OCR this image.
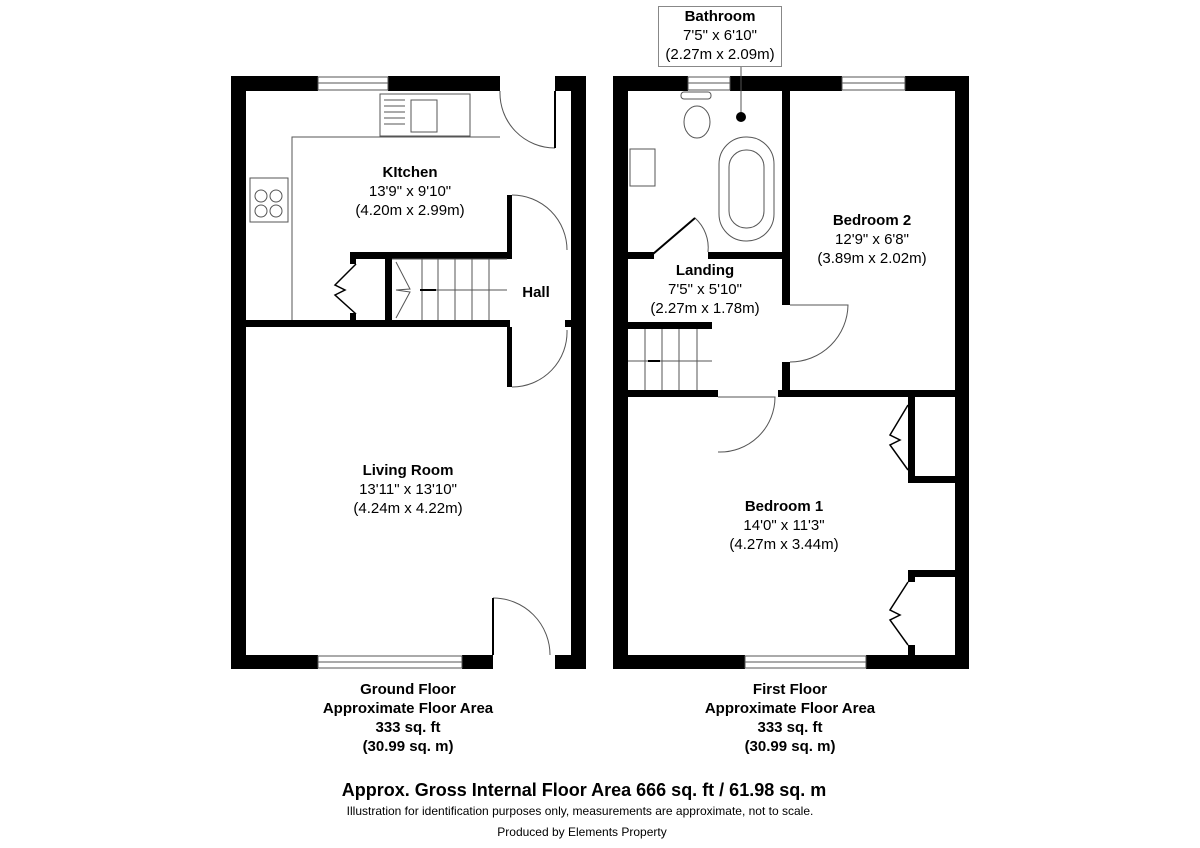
KItchen
13'9" x 9'10"
(4.20m x 2.99m)
Hall
Living Room
13'11" x 13'10"
(4.24m x 4.22m)
Bathroom
7'5" x 6'10"
(2.27m x 2.09m)
Bedroom 2
12'9" x 6'8"
(3.89m x 2.02m)
Landing
7'5" x 5'10"
(2.27m x 1.78m)
Bedroom 1
14'0" x 11'3"
(4.27m x 3.44m)
Ground Floor
Approximate Floor Area
333 sq. ft
(30.99 sq. m)
First Floor
Approximate Floor Area
333 sq. ft
(30.99 sq. m)
Approx. Gross Internal Floor Area 666 sq. ft / 61.98 sq. m
Illustration for identification purposes only, measurements are approximate, not to scale.
Produced by Elements Property
